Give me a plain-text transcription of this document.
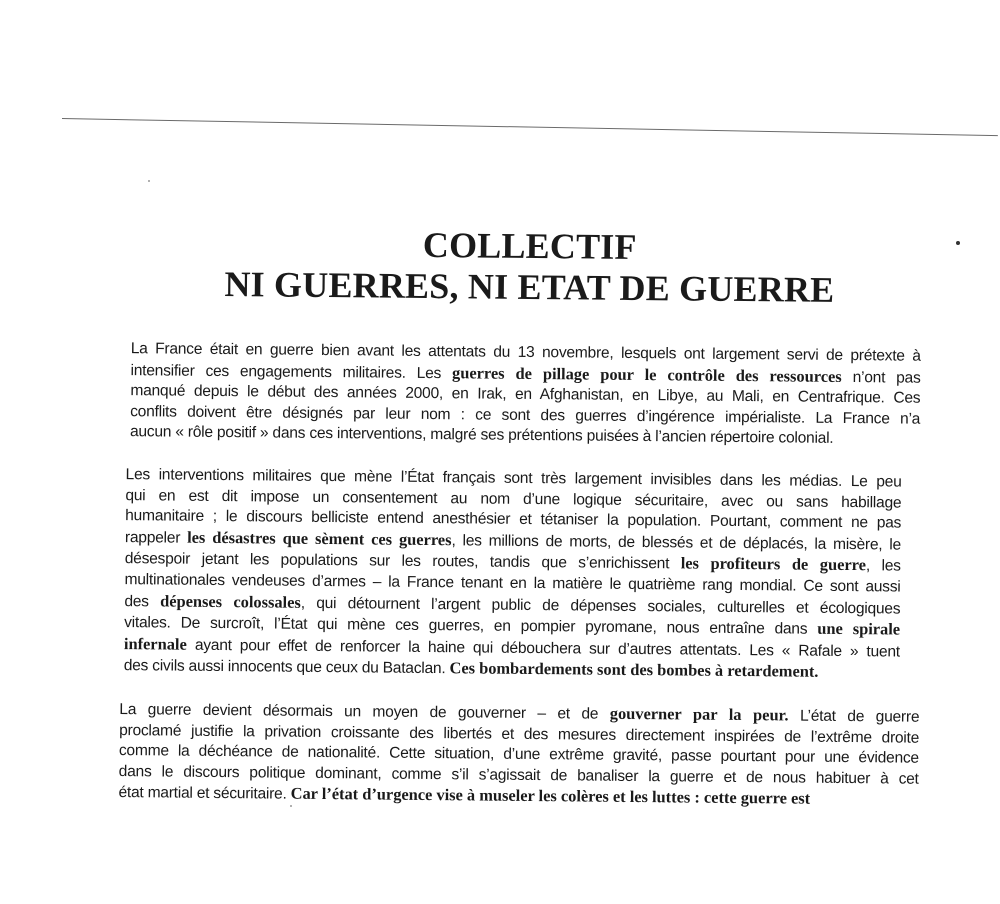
COLLECTIF
NI GUERRES, NI ETAT DE GUERRE
La France était en guerre bien avant les attentats du 13 novembre, lesquels ont largement servi de prétexte à
intensifier ces engagements militaires. Les guerres de pillage pour le contrôle des ressources n’ont pas
manqué depuis le début des années 2000, en Irak, en Afghanistan, en Libye, au Mali, en Centrafrique. Ces
conflits doivent être désignés par leur nom : ce sont des guerres d’ingérence impérialiste. La France n’a
aucun « rôle positif » dans ces interventions, malgré ses prétentions puisées à l’ancien répertoire colonial.
Les interventions militaires que mène l’État français sont très largement invisibles dans les médias. Le peu
qui en est dit impose un consentement au nom d’une logique sécuritaire, avec ou sans habillage
humanitaire ; le discours belliciste entend anesthésier et tétaniser la population. Pourtant, comment ne pas
rappeler les désastres que sèment ces guerres, les millions de morts, de blessés et de déplacés, la misère, le
désespoir jetant les populations sur les routes, tandis que s’enrichissent les profiteurs de guerre, les
multinationales vendeuses d’armes – la France tenant en la matière le quatrième rang mondial. Ce sont aussi
des dépenses colossales, qui détournent l’argent public de dépenses sociales, culturelles et écologiques
vitales. De surcroît, l’État qui mène ces guerres, en pompier pyromane, nous entraîne dans une spirale
infernale ayant pour effet de renforcer la haine qui débouchera sur d’autres attentats. Les « Rafale » tuent
des civils aussi innocents que ceux du Bataclan. Ces bombardements sont des bombes à retardement.
La guerre devient désormais un moyen de gouverner – et de gouverner par la peur. L’état de guerre
proclamé justifie la privation croissante des libertés et des mesures directement inspirées de l’extrême droite
comme la déchéance de nationalité. Cette situation, d’une extrême gravité, passe pourtant pour une évidence
dans le discours politique dominant, comme s’il s’agissait de banaliser la guerre et de nous habituer à cet
état martial et sécuritaire. Car l’état d’urgence vise à museler les colères et les luttes : cette guerre est
